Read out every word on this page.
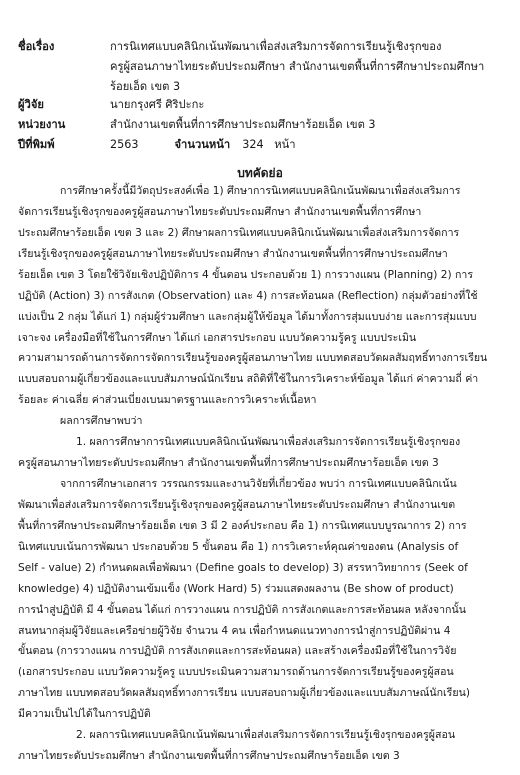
ชื่อเรื่อง	การนิเทศแบบคลินิกเน้นพัฒนาเพื่อส่งเสริมการจัดการเรียนรู้เชิงรุกของ
ครูผู้สอนภาษาไทยระดับประถมศึกษา สำนักงานเขตพื้นที่การศึกษาประถมศึกษา
ร้อยเอ็ด เขต 3
ผู้วิจัย	นายกรุงศรี ศิริปะกะ
หน่วยงาน	สำนักงานเขตพื้นที่การศึกษาประถมศึกษาร้อยเอ็ด เขต 3
ปีที่พิมพ์	2563	จำนวนหน้า 324 หน้า
บทคัดย่อ
การศึกษาครั้งนี้มีวัตถุประสงค์เพื่อ 1) ศึกษาการนิเทศแบบคลินิกเน้นพัฒนาเพื่อส่งเสริมการ
จัดการเรียนรู้เชิงรุกของครูผู้สอนภาษาไทยระดับประถมศึกษา สำนักงานเขตพื้นที่การศึกษา
ประถมศึกษาร้อยเอ็ด เขต 3 และ 2) ศึกษาผลการนิเทศแบบคลินิกเน้นพัฒนาเพื่อส่งเสริมการจัดการ
เรียนรู้เชิงรุกของครูผู้สอนภาษาไทยระดับประถมศึกษา สำนักงานเขตพื้นที่การศึกษาประถมศึกษา
ร้อยเอ็ด เขต 3 โดยใช้วิจัยเชิงปฏิบัติการ 4 ขั้นตอน ประกอบด้วย 1) การวางแผน (Planning) 2) การ
ปฏิบัติ (Action) 3) การสังเกต (Observation) และ 4) การสะท้อนผล (Reflection) กลุ่มตัวอย่างที่ใช้
แบ่งเป็น 2 กลุ่ม ได้แก่ 1) กลุ่มผู้ร่วมศึกษา และกลุ่มผู้ให้ข้อมูล ได้มาทั้งการสุ่มแบบง่าย และการสุ่มแบบ
เจาะจง เครื่องมือที่ใช้ในการศึกษา ได้แก่ เอกสารประกอบ แบบวัดความรู้ครู แบบประเมิน
ความสามารถด้านการจัดการจัดการเรียนรู้ของครูผู้สอนภาษาไทย แบบทดสอบวัดผลสัมฤทธิ์ทางการเรียน
แบบสอบถามผู้เกี่ยวข้องและแบบสัมภาษณ์นักเรียน สถิติที่ใช้ในการวิเคราะห์ข้อมูล ได้แก่ ค่าความถี่ ค่า
ร้อยละ ค่าเฉลี่ย ค่าส่วนเบี่ยงเบนมาตรฐานและการวิเคราะห์เนื้อหา
ผลการศึกษาพบว่า
1. ผลการศึกษาการนิเทศแบบคลินิกเน้นพัฒนาเพื่อส่งเสริมการจัดการเรียนรู้เชิงรุกของ
ครูผู้สอนภาษาไทยระดับประถมศึกษา สำนักงานเขตพื้นที่การศึกษาประถมศึกษาร้อยเอ็ด เขต 3
จากการศึกษาเอกสาร วรรณกรรมและงานวิจัยที่เกี่ยวข้อง พบว่า การนิเทศแบบคลินิกเน้น
พัฒนาเพื่อส่งเสริมการจัดการเรียนรู้เชิงรุกของครูผู้สอนภาษาไทยระดับประถมศึกษา สำนักงานเขต
พื้นที่การศึกษาประถมศึกษาร้อยเอ็ด เขต 3 มี 2 องค์ประกอบ คือ 1) การนิเทศแบบบูรณาการ 2) การ
นิเทศแบบเน้นการพัฒนา ประกอบด้วย 5 ขั้นตอน คือ 1) การวิเคราะห์คุณค่าของตน (Analysis of
Self - value) 2) กำหนดผลเพื่อพัฒนา (Define goals to develop) 3) สรรหาวิทยาการ (Seek of
knowledge) 4) ปฏิบัติงานเข้มแข็ง (Work Hard) 5) ร่วมแสดงผลงาน (Be show of product)
การนำสู่ปฏิบัติ มี 4 ขั้นตอน ได้แก่ การวางแผน การปฏิบัติ การสังเกตและการสะท้อนผล หลังจากนั้น
สนทนากลุ่มผู้วิจัยและเครือข่ายผู้วิจัย จำนวน 4 คน เพื่อกำหนดแนวทางการนำสู่การปฏิบัติผ่าน 4
ขั้นตอน (การวางแผน การปฏิบัติ การสังเกตและการสะท้อนผล) และสร้างเครื่องมือที่ใช้ในการวิจัย
(เอกสารประกอบ แบบวัดความรู้ครู แบบประเมินความสามารถด้านการจัดการเรียนรู้ของครูผู้สอน
ภาษาไทย แบบทดสอบวัดผลสัมฤทธิ์ทางการเรียน แบบสอบถามผู้เกี่ยวข้องและแบบสัมภาษณ์นักเรียน)
มีความเป็นไปได้ในการปฏิบัติ
2. ผลการนิเทศแบบคลินิกเน้นพัฒนาเพื่อส่งเสริมการจัดการเรียนรู้เชิงรุกของครูผู้สอน
ภาษาไทยระดับประถมศึกษา สำนักงานเขตพื้นที่การศึกษาประถมศึกษาร้อยเอ็ด เขต 3
